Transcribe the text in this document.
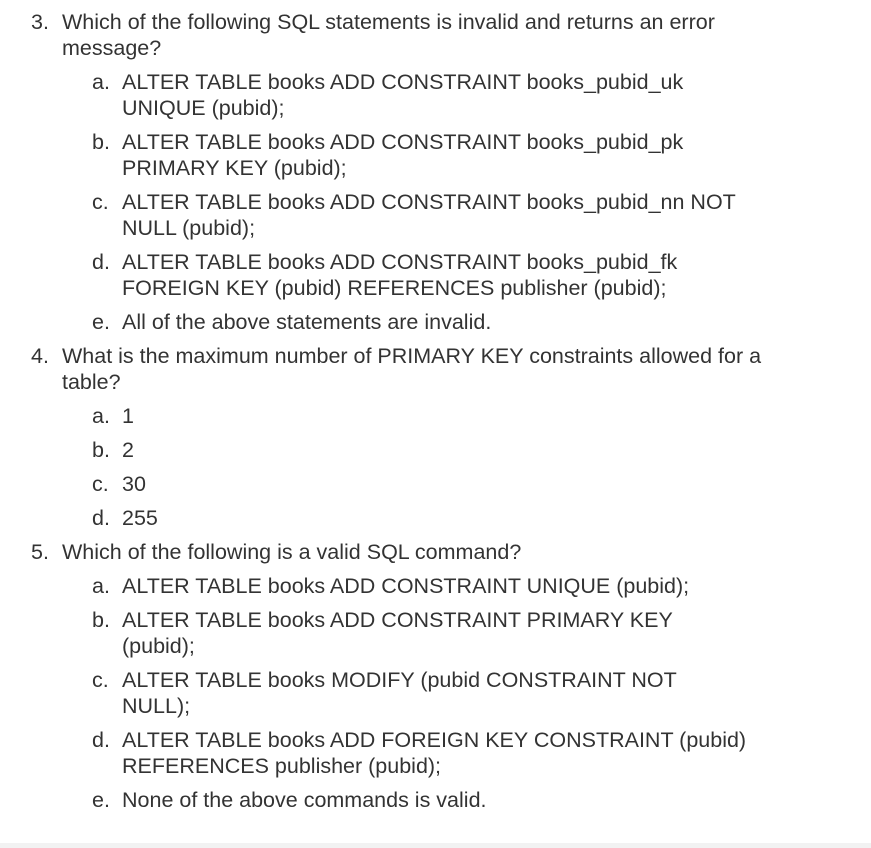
3. Which of the following SQL statements is invalid and returns an error message?
a. ALTER TABLE books ADD CONSTRAINT books_pubid_uk UNIQUE (pubid);
b. ALTER TABLE books ADD CONSTRAINT books_pubid_pk PRIMARY KEY (pubid);
c. ALTER TABLE books ADD CONSTRAINT books_pubid_nn NOT NULL (pubid);
d. ALTER TABLE books ADD CONSTRAINT books_pubid_fk FOREIGN KEY (pubid) REFERENCES publisher (pubid);
e. All of the above statements are invalid.
4. What is the maximum number of PRIMARY KEY constraints allowed for a table?
a. 1
b. 2
c. 30
d. 255
5. Which of the following is a valid SQL command?
a. ALTER TABLE books ADD CONSTRAINT UNIQUE (pubid);
b. ALTER TABLE books ADD CONSTRAINT PRIMARY KEY (pubid);
c. ALTER TABLE books MODIFY (pubid CONSTRAINT NOT NULL);
d. ALTER TABLE books ADD FOREIGN KEY CONSTRAINT (pubid) REFERENCES publisher (pubid);
e. None of the above commands is valid.
